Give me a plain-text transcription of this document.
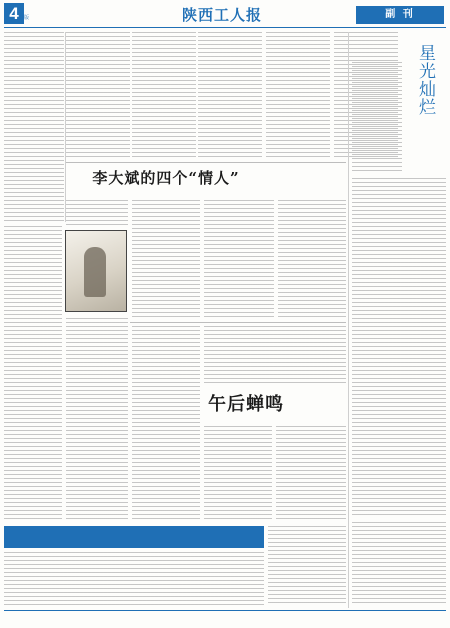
4	版	陕西工人报	副 刊
李大斌的四个“情人”
午后蝉鸣
星光灿烂
